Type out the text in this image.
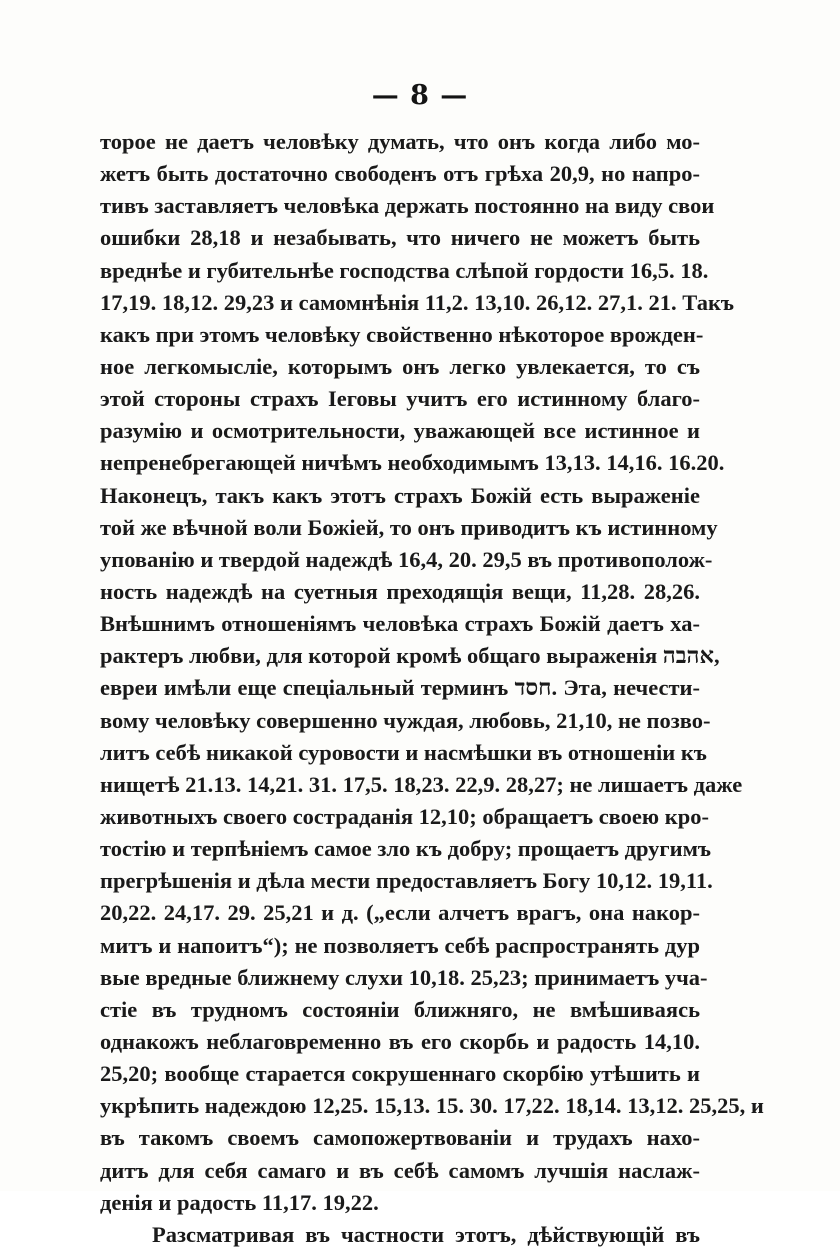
— 8 —
торое не даетъ человѣку думать, что онъ когда либо мо-
жетъ быть достаточно свободенъ отъ грѣха 20,9, но напро-
тивъ заставляетъ человѣка держать постоянно на виду свои
ошибки 28,18 и незабывать, что ничего не можетъ быть
вреднѣе и губительнѣе господства слѣпой гордости 16,5. 18.
17,19. 18,12. 29,23 и самомнѣнія 11,2. 13,10. 26,12. 27,1. 21. Такъ
какъ при этомъ человѣку свойственно нѣкоторое врожден-
ное легкомысліе, которымъ онъ легко увлекается, то съ
этой стороны страхъ Іеговы учитъ его истинному благо-
разумію и осмотрительности, уважающей все истинное и
непренебрегающей ничѣмъ необходимымъ 13,13. 14,16. 16.20.
Наконецъ, такъ какъ этотъ страхъ Божій есть выраженіе
той же вѣчной воли Божіей, то онъ приводитъ къ истинному
упованію и твердой надеждѣ 16,4, 20. 29,5 въ противополож-
ность надеждѣ на суетныя преходящія вещи, 11,28. 28,26.
Внѣшнимъ отношеніямъ человѣка страхъ Божій даетъ ха-
рактеръ любви, для которой кромѣ общаго выраженія אהבה,
евреи имѣли еще спеціальный терминъ חסד. Эта, нечести-
вому человѣку совершенно чуждая, любовь, 21,10, не позво-
литъ себѣ никакой суровости и насмѣшки въ отношеніи къ
нищетѣ 21.13. 14,21. 31. 17,5. 18,23. 22,9. 28,27; не лишаетъ даже
животныхъ своего состраданія 12,10; обращаетъ своею кро-
тостію и терпѣніемъ самое зло къ добру; прощаетъ другимъ
прегрѣшенія и дѣла мести предоставляетъ Богу 10,12. 19,11.
20,22. 24,17. 29. 25,21 и д. („если алчетъ врагъ, она накор-
митъ и напоитъ“); не позволяетъ себѣ распространять дур
вые вредные ближнему слухи 10,18. 25,23; принимаетъ уча-
стіе въ трудномъ состояніи ближняго, не вмѣшиваясь
однакожъ неблаговременно въ его скорбь и радость 14,10.
25,20; вообще старается сокрушеннаго скорбію утѣшить и
укрѣпить надеждою 12,25. 15,13. 15. 30. 17,22. 18,14. 13,12. 25,25, и
въ такомъ своемъ самопожертвованіи и трудахъ нахо-
дитъ для себя самаго и въ себѣ самомъ лучшія наслаж-
денія и радость 11,17. 19,22.
Разсматривая въ частности этотъ, дѣйствующій въ
